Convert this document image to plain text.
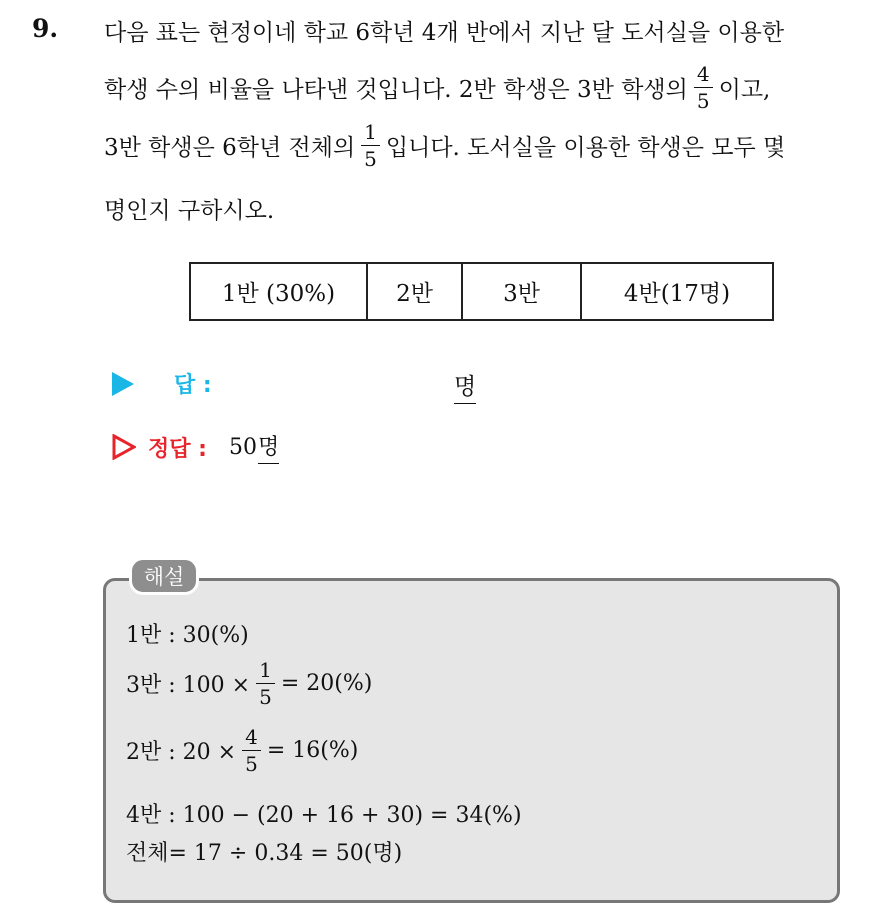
9. 다음 표는 현정이네 학교 6학년 4개 반에서 지난 달 도서실을 이용한
학생 수의 비율을 나타낸 것입니다. 2반 학생은 3반 학생의 $\frac{4}{5}$ 이고,
3반 학생은 6학년 전체의 $\frac{1}{5}$ 입니다. 도서실을 이용한 학생은 모두 몇
명인지 구하시오.
1반 (30%)	2반	3반	4반(17명)
답 :	명
정답 : 50 명
해설
1반 : 30(%)
3반 : $100 \times \frac{1}{5} = 20(\%)$
2반 : $20 \times \frac{4}{5} = 16(\%)$
4반 : 100 − (20 + 16 + 30) = 34(%)
전체= 17 ÷ 0.34 = 50(명)
